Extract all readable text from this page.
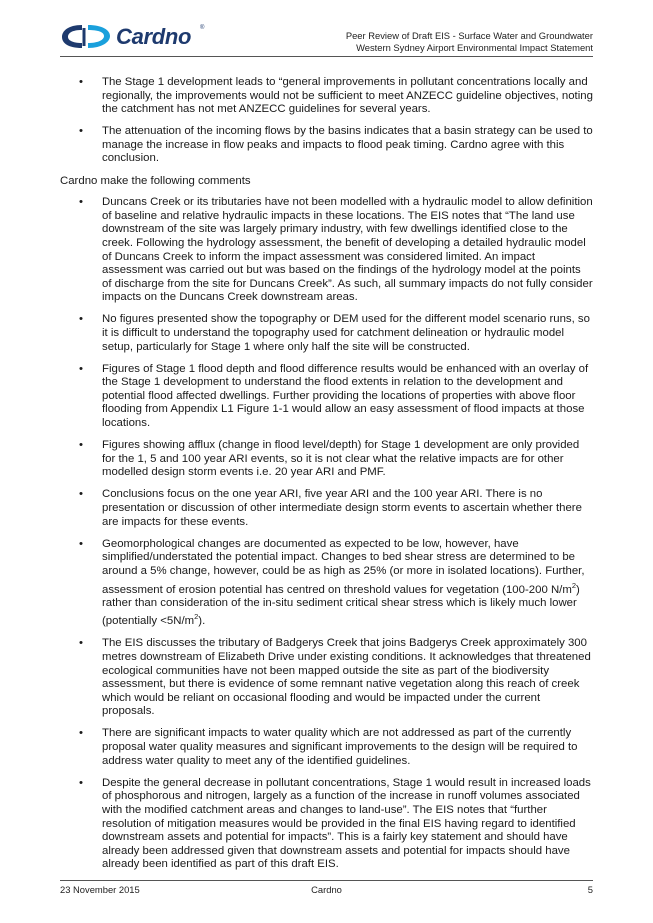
Cardno ®
Peer Review of Draft EIS - Surface Water and Groundwater
Western Sydney Airport Environmental Impact Statement
•	The Stage 1 development leads to “general improvements in pollutant concentrations locally and regionally, the improvements would not be sufficient to meet ANZECC guideline objectives, noting the catchment has not met ANZECC guidelines for several years.
•	The attenuation of the incoming flows by the basins indicates that a basin strategy can be used to manage the increase in flow peaks and impacts to flood peak timing. Cardno agree with this conclusion.

Cardno make the following comments

•	Duncans Creek or its tributaries have not been modelled with a hydraulic model to allow definition of baseline and relative hydraulic impacts in these locations. The EIS notes that “The land use downstream of the site was largely primary industry, with few dwellings identified close to the creek. Following the hydrology assessment, the benefit of developing a detailed hydraulic model of Duncans Creek to inform the impact assessment was considered limited. An impact assessment was carried out but was based on the findings of the hydrology model at the points of discharge from the site for Duncans Creek”. As such, all summary impacts do not fully consider impacts on the Duncans Creek downstream areas.
•	No figures presented show the topography or DEM used for the different model scenario runs, so it is difficult to understand the topography used for catchment delineation or hydraulic model setup, particularly for Stage 1 where only half the site will be constructed.
•	Figures of Stage 1 flood depth and flood difference results would be enhanced with an overlay of the Stage 1 development to understand the flood extents in relation to the development and potential flood affected dwellings. Further providing the locations of properties with above floor flooding from Appendix L1 Figure 1-1 would allow an easy assessment of flood impacts at those locations.
•	Figures showing afflux (change in flood level/depth) for Stage 1 development are only provided for the 1, 5 and 100 year ARI events, so it is not clear what the relative impacts are for other modelled design storm events i.e. 20 year ARI and PMF.
•	Conclusions focus on the one year ARI, five year ARI and the 100 year ARI. There is no presentation or discussion of other intermediate design storm events to ascertain whether there are impacts for these events.
•	Geomorphological changes are documented as expected to be low, however, have simplified/understated the potential impact. Changes to bed shear stress are determined to be around a 5% change, however, could be as high as 25% (or more in isolated locations). Further, assessment of erosion potential has centred on threshold values for vegetation (100-200 $N/m^2$) rather than consideration of the in-situ sediment critical shear stress which is likely much lower (potentially $<5N/m^2$).
•	The EIS discusses the tributary of Badgerys Creek that joins Badgerys Creek approximately 300 metres downstream of Elizabeth Drive under existing conditions. It acknowledges that threatened ecological communities have not been mapped outside the site as part of the biodiversity assessment, but there is evidence of some remnant native vegetation along this reach of creek which would be reliant on occasional flooding and would be impacted under the current proposals.
•	There are significant impacts to water quality which are not addressed as part of the currently proposal water quality measures and significant improvements to the design will be required to address water quality to meet any of the identified guidelines.
•	Despite the general decrease in pollutant concentrations, Stage 1 would result in increased loads of phosphorous and nitrogen, largely as a function of the increase in runoff volumes associated with the modified catchment areas and changes to land-use”. The EIS notes that “further resolution of mitigation measures would be provided in the final EIS having regard to identified downstream assets and potential for impacts”. This is a fairly key statement and should have already been addressed given that downstream assets and potential for impacts should have already been identified as part of this draft EIS.
23 November 2015	Cardno	5
